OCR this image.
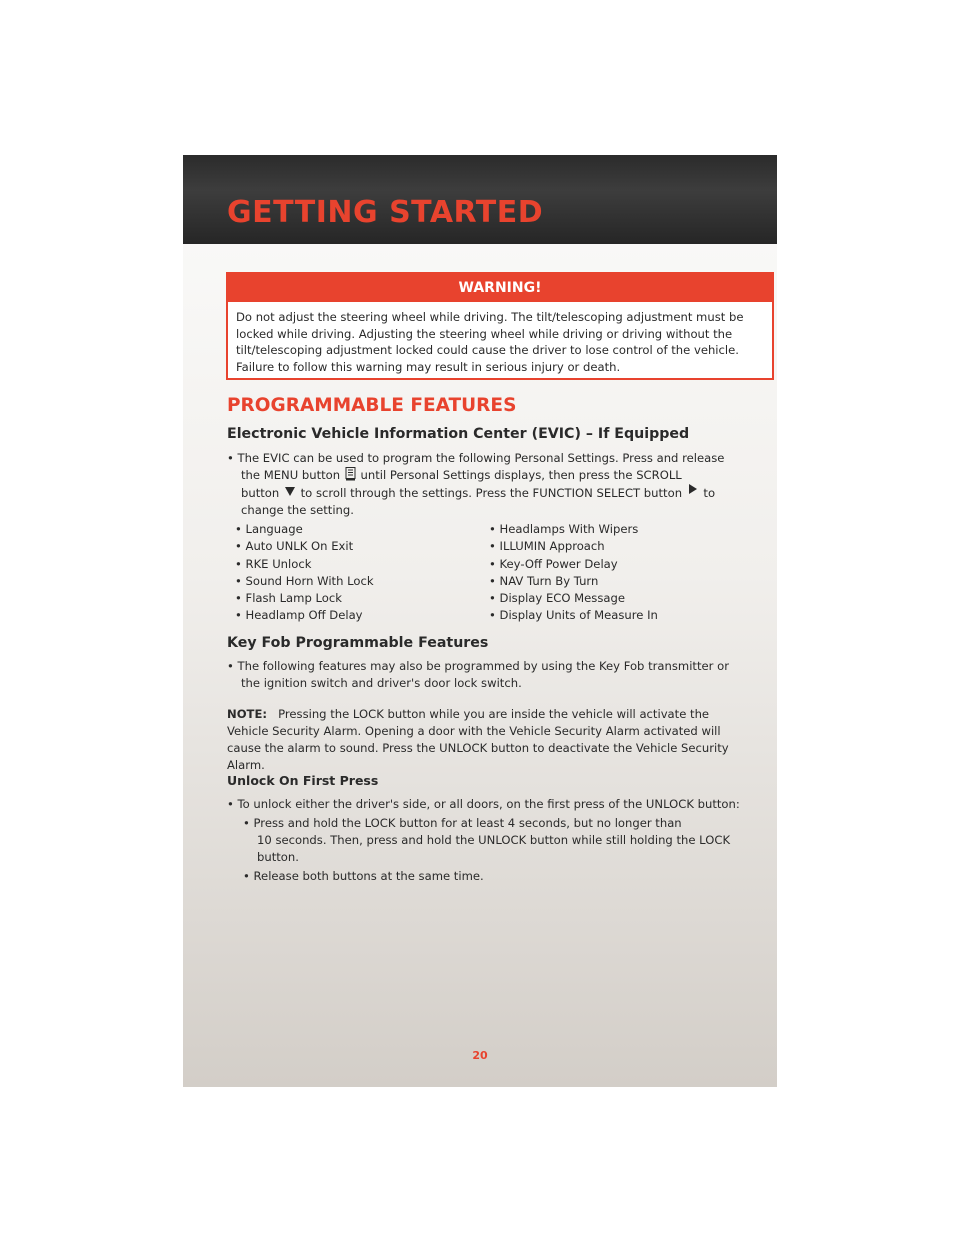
GETTING STARTED
WARNING!
Do not adjust the steering wheel while driving. The tilt/telescoping adjustment must be locked while driving. Adjusting the steering wheel while driving or driving without the tilt/telescoping adjustment locked could cause the driver to lose control of the vehicle. Failure to follow this warning may result in serious injury or death.
PROGRAMMABLE FEATURES
Electronic Vehicle Information Center (EVIC) – If Equipped
• The EVIC can be used to program the following Personal Settings. Press and release
the MENU button until Personal Settings displays, then press the SCROLL
button to scroll through the settings. Press the FUNCTION SELECT button to
change the setting.
• Language
• Auto UNLK On Exit
• RKE Unlock
• Sound Horn With Lock
• Flash Lamp Lock
• Headlamp Off Delay
• Headlamps With Wipers
• ILLUMIN Approach
• Key-Off Power Delay
• NAV Turn By Turn
• Display ECO Message
• Display Units of Measure In
Key Fob Programmable Features
• The following features may also be programmed by using the Key Fob transmitter or
the ignition switch and driver's door lock switch.
NOTE: Pressing the LOCK button while you are inside the vehicle will activate the
Vehicle Security Alarm. Opening a door with the Vehicle Security Alarm activated will
cause the alarm to sound. Press the UNLOCK button to deactivate the Vehicle Security
Alarm.
Unlock On First Press
• To unlock either the driver's side, or all doors, on the first press of the UNLOCK button:
• Press and hold the LOCK button for at least 4 seconds, but no longer than
10 seconds. Then, press and hold the UNLOCK button while still holding the LOCK
button.
• Release both buttons at the same time.
20
